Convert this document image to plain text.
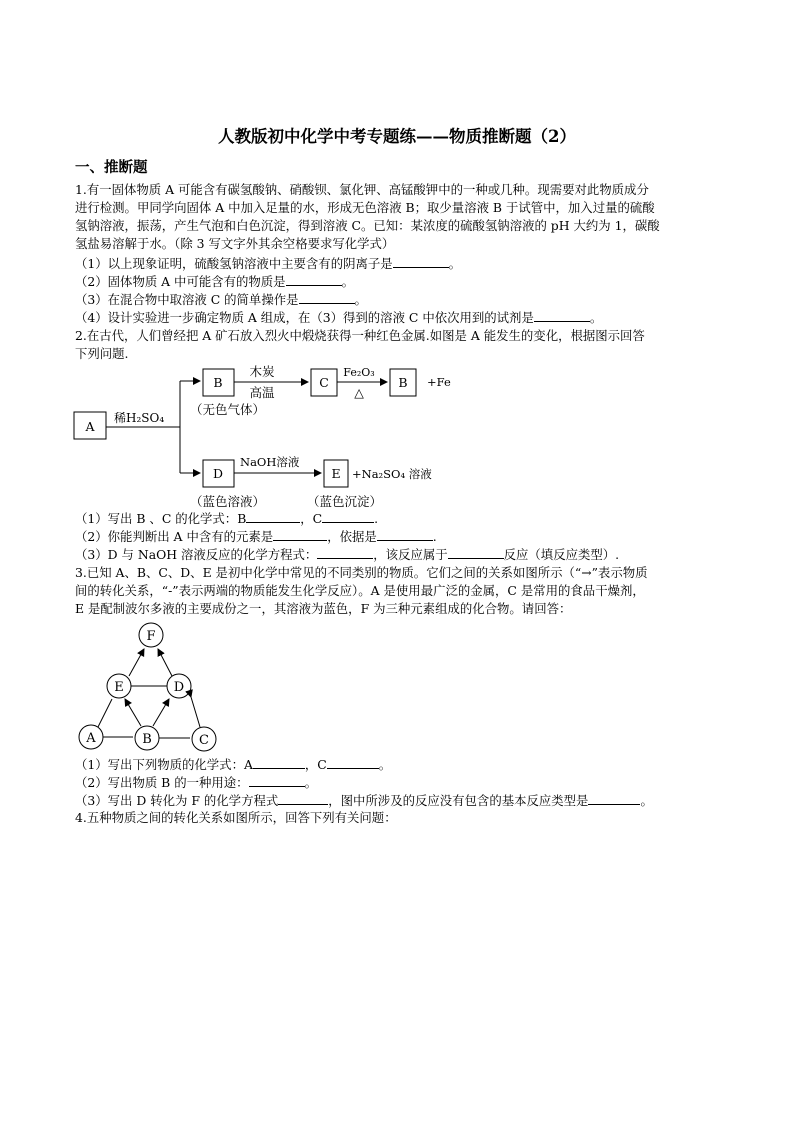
人教版初中化学中考专题练——物质推断题（2）
一、推断题
1.有一固体物质 A 可能含有碳氢酸钠、硝酸钡、氯化钾、高锰酸钾中的一种或几种。现需要对此物质成分
进行检测。甲同学向固体 A 中加入足量的水，形成无色溶液 B；取少量溶液 B 于试管中，加入过量的硫酸
氢钠溶液，振荡，产生气泡和白色沉淀，得到溶液 C。已知：某浓度的硫酸氢钠溶液的 pH 大约为 1，碳酸
氢盐易溶解于水。（除 3 写文字外其余空格要求写化学式）
（1）以上现象证明，硫酸氢钠溶液中主要含有的阴离子是	。
（2）固体物质 A 中可能含有的物质是	。
（3）在混合物中取溶液 C 的简单操作是	。
（4）设计实验进一步确定物质 A 组成，在（3）得到的溶液 C 中依次用到的试剂是	。
2.在古代，人们曾经把 A 矿石放入烈火中煅烧获得一种红色金属.如图是 A 能发生的变化，根据图示回答
下列问题.
A
B	C	B
D	E
稀H₂SO₄
木炭
高温
Fe₂O₃
△
+Fe
（无色气体）
NaOH溶液
+Na₂SO₄ 溶液
（蓝色溶液）	（蓝色沉淀）
（1）写出 B 、C 的化学式：B	，C	.
（2）你能判断出 A 中含有的元素是	，依据是	.
（3）D 与 NaOH 溶液反应的化学方程式：	，该反应属于	反应（填反应类型）.
3.已知 A、B、C、D、E 是初中化学中常见的不同类别的物质。它们之间的关系如图所示（“→”表示物质
间的转化关系，“-”表示两端的物质能发生化学反应）。A 是使用最广泛的金属，C 是常用的食品干燥剂，
E 是配制波尔多液的主要成份之一，其溶液为蓝色，F 为三种元素组成的化合物。请回答：
F
E	D
A	B	C
（1）写出下列物质的化学式：A	，C	。
（2）写出物质 B 的一种用途：	。
（3）写出 D 转化为 F 的化学方程式	，图中所涉及的反应没有包含的基本反应类型是	。
4.五种物质之间的转化关系如图所示，回答下列有关问题：
